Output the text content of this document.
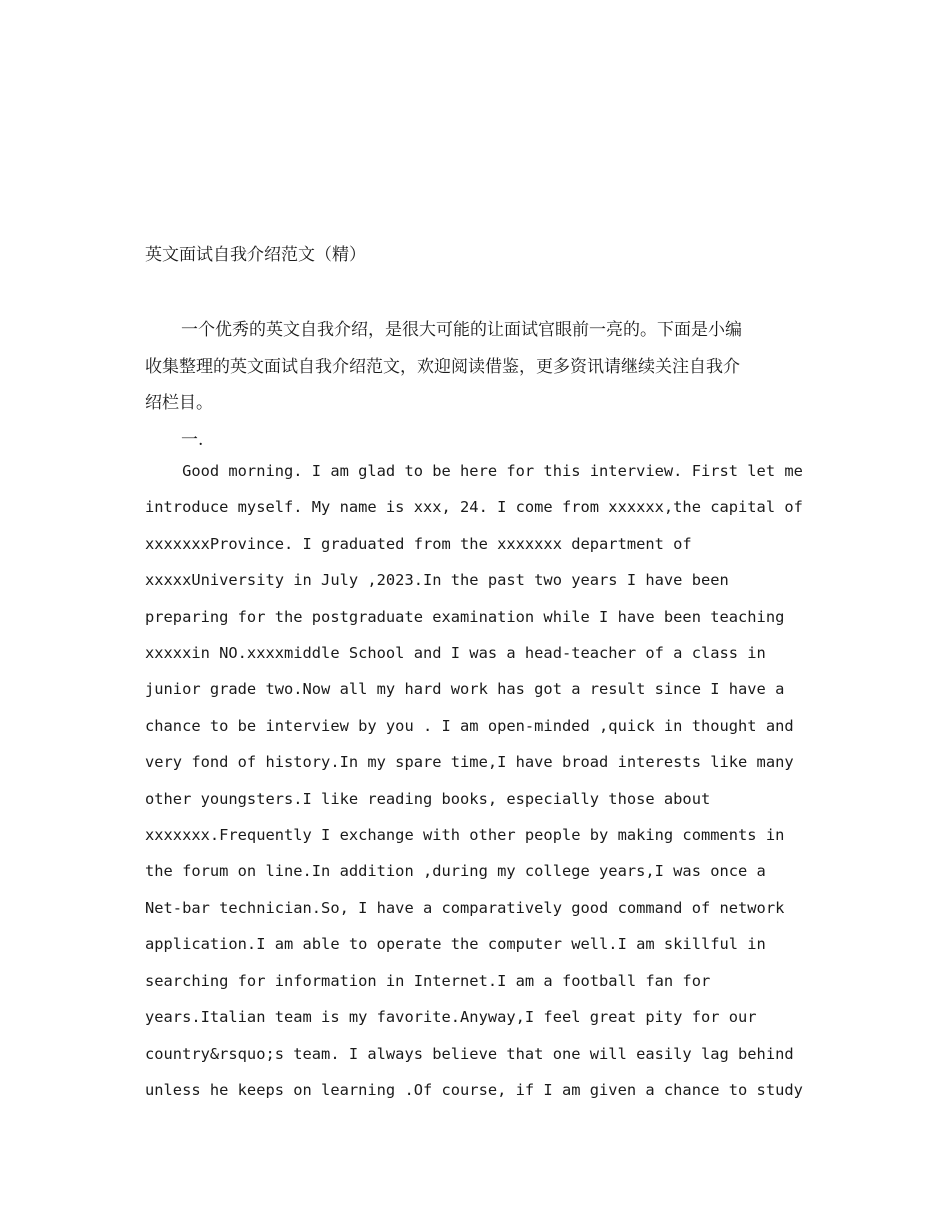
英文面试自我介绍范文（精）
一个优秀的英文自我介绍，是很大可能的让面试官眼前一亮的。下面是小编
收集整理的英文面试自我介绍范文，欢迎阅读借鉴，更多资讯请继续关注自我介
绍栏目。
一.
Good morning. I am glad to be here for this interview. First let me
introduce myself. My name is xxx, 24. I come from xxxxxx,the capital of
xxxxxxxProvince. I graduated from the xxxxxxx department of
xxxxxUniversity in July ,2023.In the past two years I have been
preparing for the postgraduate examination while I have been teaching
xxxxxin NO.xxxxmiddle School and I was a head-teacher of a class in
junior grade two.Now all my hard work has got a result since I have a
chance to be interview by you . I am open-minded ,quick in thought and
very fond of history.In my spare time,I have broad interests like many
other youngsters.I like reading books, especially those about
xxxxxxx.Frequently I exchange with other people by making comments in
the forum on line.In addition ,during my college years,I was once a
Net-bar technician.So, I have a comparatively good command of network
application.I am able to operate the computer well.I am skillful in
searching for information in Internet.I am a football fan for
years.Italian team is my favorite.Anyway,I feel great pity for our
country&rsquo;s team. I always believe that one will easily lag behind
unless he keeps on learning .Of course, if I am given a chance to study
